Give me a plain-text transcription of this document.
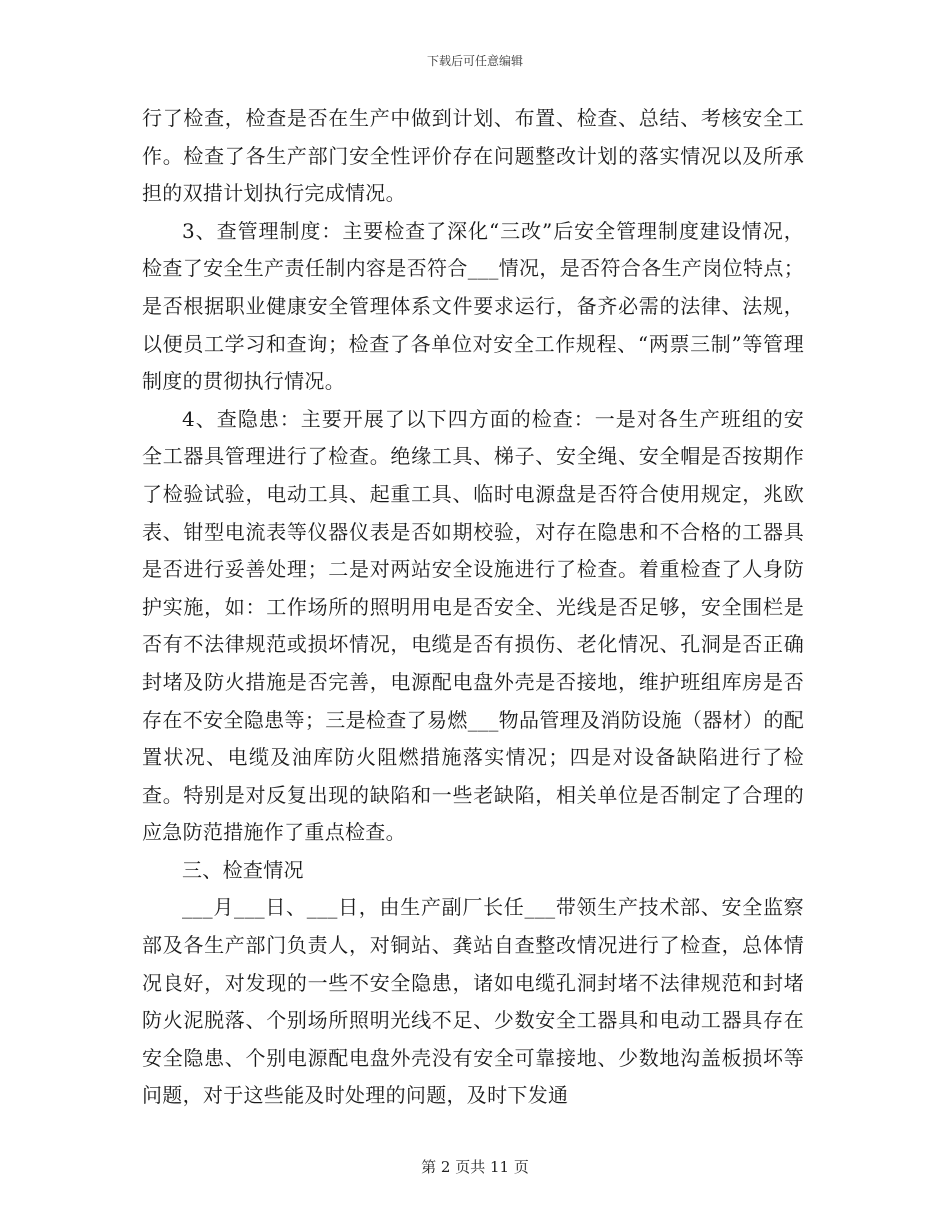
下载后可任意编辑

行了检查，检查是否在生产中做到计划、布置、检查、总结、考核安全工作。检查了各生产部门安全性评价存在问题整改计划的落实情况以及所承担的双措计划执行完成情况。

3、查管理制度：主要检查了深化“三改”后安全管理制度建设情况，检查了安全生产责任制内容是否符合___情况，是否符合各生产岗位特点；是否根据职业健康安全管理体系文件要求运行，备齐必需的法律、法规，以便员工学习和查询；检查了各单位对安全工作规程、“两票三制”等管理制度的贯彻执行情况。

4、查隐患：主要开展了以下四方面的检查：一是对各生产班组的安全工器具管理进行了检查。绝缘工具、梯子、安全绳、安全帽是否按期作了检验试验，电动工具、起重工具、临时电源盘是否符合使用规定，兆欧表、钳型电流表等仪器仪表是否如期校验，对存在隐患和不合格的工器具是否进行妥善处理；二是对两站安全设施进行了检查。着重检查了人身防护实施，如：工作场所的照明用电是否安全、光线是否足够，安全围栏是否有不法律规范或损坏情况，电缆是否有损伤、老化情况、孔洞是否正确封堵及防火措施是否完善，电源配电盘外壳是否接地，维护班组库房是否存在不安全隐患等；三是检查了易燃___物品管理及消防设施（器材）的配置状况、电缆及油库防火阻燃措施落实情况；四是对设备缺陷进行了检查。特别是对反复出现的缺陷和一些老缺陷，相关单位是否制定了合理的应急防范措施作了重点检查。

三、检查情况

___月___日、___日，由生产副厂长任___带领生产技术部、安全监察部及各生产部门负责人，对铜站、龚站自查整改情况进行了检查，总体情况良好，对发现的一些不安全隐患，诸如电缆孔洞封堵不法律规范和封堵防火泥脱落、个别场所照明光线不足、少数安全工器具和电动工器具存在安全隐患、个别电源配电盘外壳没有安全可靠接地、少数地沟盖板损坏等问题，对于这些能及时处理的问题，及时下发通

第 2 页共 11 页
